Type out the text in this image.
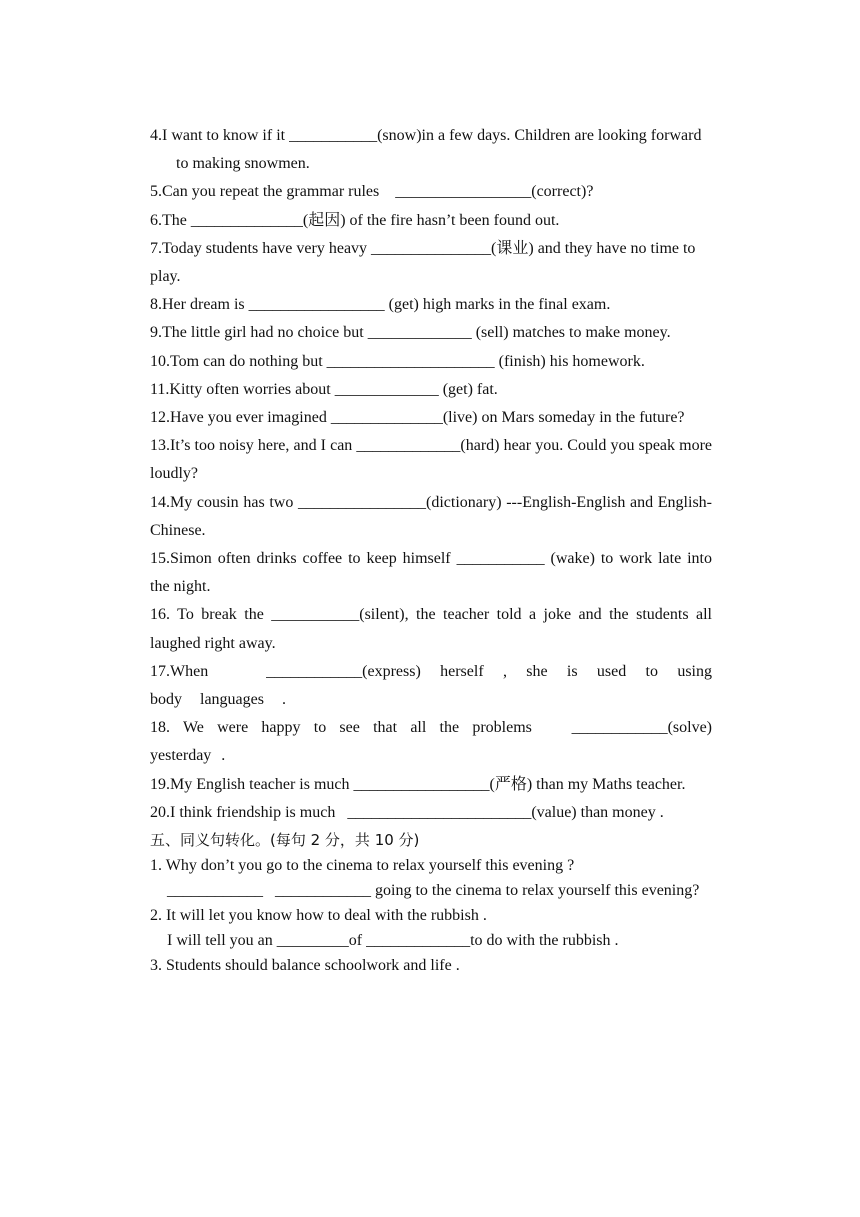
4.I want to know if it ___________(snow)in a few days. Children are looking forward to making snowmen.

5.Can you repeat the grammar rules    _________________(correct)?

6.The ______________(起因) of the fire hasn’t been found out.

7.Today students have very heavy _______________(课业) and they have no time to play.

8.Her dream is _________________ (get) high marks in the final exam.

9.The little girl had no choice but _____________ (sell) matches to make money.

10.Tom can do nothing but _____________________ (finish) his homework.

11.Kitty often worries about _____________ (get) fat.

12.Have you ever imagined ______________(live) on Mars someday in the future?

13.It’s too noisy here, and I can _____________(hard) hear you. Could you speak more loudly?

14.My cousin has two ________________(dictionary) ---English-English and English-Chinese.

15.Simon often drinks coffee to keep himself ___________ (wake) to work late into the night.

16. To break the ___________(silent), the teacher told a joke and the students all laughed right away.

17.When   ____________(express) herself , she is used to using body languages .

18. We were happy to see that all the problems   ____________(solve) yesterday .

19.My English teacher is much _________________(严格) than my Maths teacher.

20.I think friendship is much   _______________________(value) than money .

五、同义句转化。(每句 2 分，共 10 分)

1. Why don’t you go to the cinema to relax yourself this evening ?
____________   ____________ going to the cinema to relax yourself this evening?
2. It will let you know how to deal with the rubbish .
I will tell you an _________of _____________to do with the rubbish .
3. Students should balance schoolwork and life .
